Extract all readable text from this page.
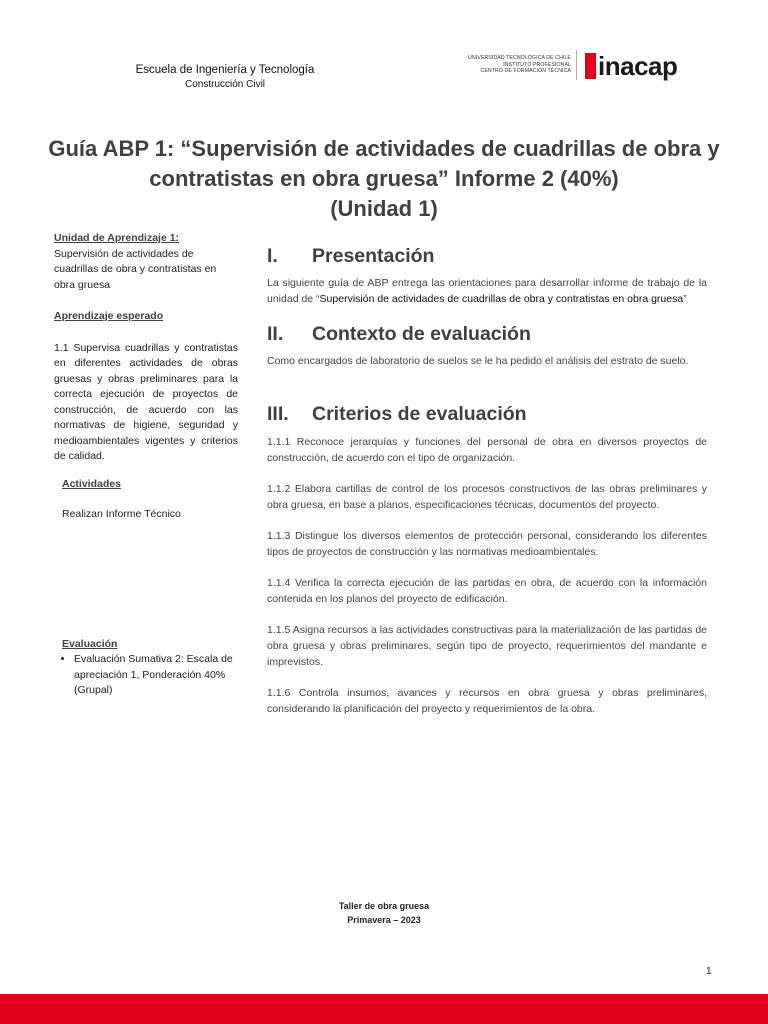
Escuela de Ingeniería y Tecnología
Construcción Civil
UNIVERSIDAD TECNOLÓGICA DE CHILE
INSTITUTO PROFESIONAL
CENTRO DE FORMACIÓN TÉCNICA inacap
Guía ABP 1: “Supervisión de actividades de cuadrillas de obra y
contratistas en obra gruesa” Informe 2 (40%)
(Unidad 1)
Unidad de Aprendizaje 1:
Supervisión de actividades de cuadrillas de obra y contratistas en obra gruesa
Aprendizaje esperado
1.1 Supervisa cuadrillas y contratistas en diferentes actividades de obras gruesas y obras preliminares para la correcta ejecución de proyectos de construcción, de acuerdo con las normativas de higiene, seguridad y medioambientales vigentes y criterios de calidad.
Actividades
Realizan Informe Técnico
Evaluación
• Evaluación Sumativa 2: Escala de apreciación 1, Ponderación 40% (Grupal)
I.	Presentación

La siguiente guía de ABP entrega las orientaciones para desarrollar informe de trabajo de la unidad de “Supervisión de actividades de cuadrillas de obra y contratistas en obra gruesa”

II.	Contexto de evaluación

Como encargados de laboratorio de suelos se le ha pedido el análisis del estrato de suelo.

III.	Criterios de evaluación

1.1.1 Reconoce jerarquías y funciones del personal de obra en diversos proyectos de construcción, de acuerdo con el tipo de organización.

1.1.2 Elabora cartillas de control de los procesos constructivos de las obras preliminares y obra gruesa, en base a planos, especificaciones técnicas, documentos del proyecto.

1.1.3 Distingue los diversos elementos de protección personal, considerando los diferentes tipos de proyectos de construcción y las normativas medioambientales.

1.1.4 Verifica la correcta ejecución de las partidas en obra, de acuerdo con la información contenida en los planos del proyecto de edificación.

1.1.5 Asigna recursos a las actividades constructivas para la materialización de las partidas de obra gruesa y obras preliminares, según tipo de proyecto, requerimientos del mandante e imprevistos.

1.1.6 Controla insumos, avances y recursos en obra gruesa y obras preliminares, considerando la planificación del proyecto y requerimientos de la obra.

Taller de obra gruesa
Primavera – 2023
1
